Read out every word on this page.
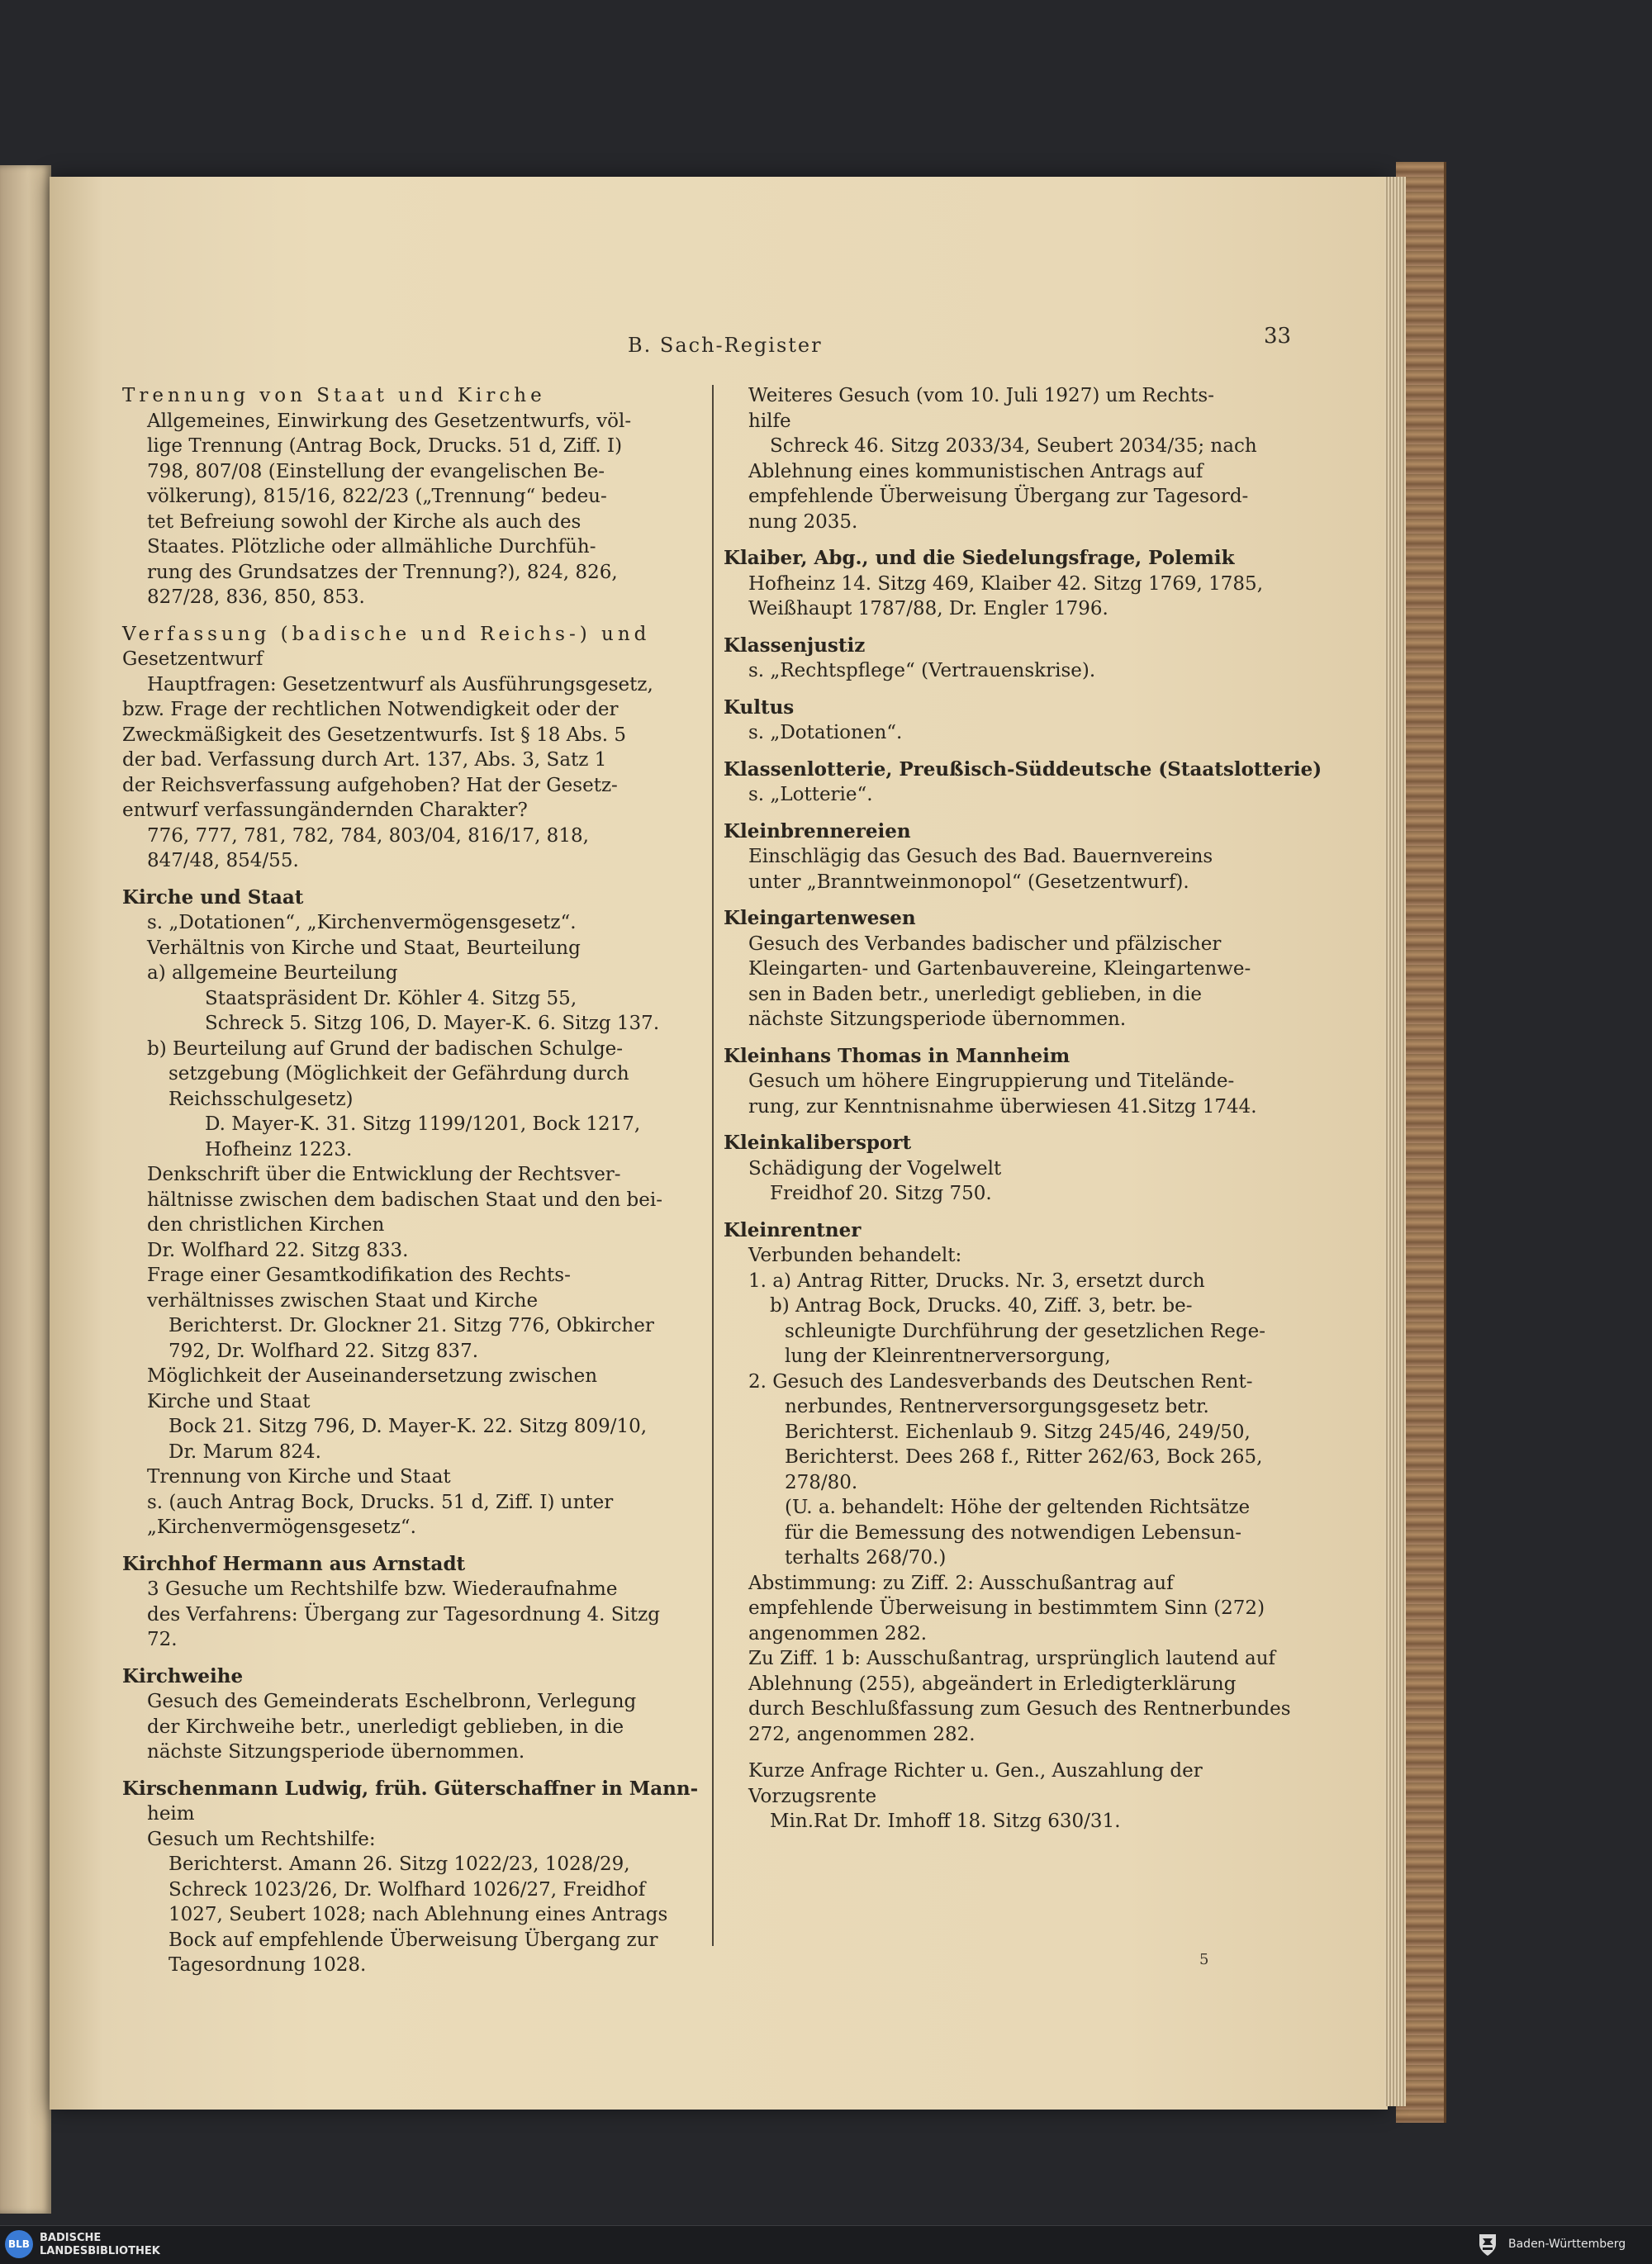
B. Sach-Register	33
Trennung von Staat und Kirche
Allgemeines, Einwirkung des Gesetzentwurfs, völ-
lige Trennung (Antrag Bock, Drucks. 51 d, Ziff. I)
798, 807/08 (Einstellung der evangelischen Be-
völkerung), 815/16, 822/23 („Trennung“ bedeu-
tet Befreiung sowohl der Kirche als auch des
Staates. Plötzliche oder allmähliche Durchfüh-
rung des Grundsatzes der Trennung?), 824, 826,
827/28, 836, 850, 853.
Verfassung (badische und Reichs-) und
Gesetzentwurf
Hauptfragen: Gesetzentwurf als Ausführungsgesetz,
bzw. Frage der rechtlichen Notwendigkeit oder der
Zweckmäßigkeit des Gesetzentwurfs. Ist § 18 Abs. 5
der bad. Verfassung durch Art. 137, Abs. 3, Satz 1
der Reichsverfassung aufgehoben? Hat der Gesetz-
entwurf verfassungändernden Charakter?
776, 777, 781, 782, 784, 803/04, 816/17, 818,
847/48, 854/55.
Kirche und Staat
s. „Dotationen“, „Kirchenvermögensgesetz“.
Verhältnis von Kirche und Staat, Beurteilung
a) allgemeine Beurteilung
Staatspräsident Dr. Köhler 4. Sitzg 55,
Schreck 5. Sitzg 106, D. Mayer-K. 6. Sitzg 137.
b) Beurteilung auf Grund der badischen Schulge-
setzgebung (Möglichkeit der Gefährdung durch
Reichsschulgesetz)
D. Mayer-K. 31. Sitzg 1199/1201, Bock 1217,
Hofheinz 1223.
Denkschrift über die Entwicklung der Rechtsver-
hältnisse zwischen dem badischen Staat und den bei-
den christlichen Kirchen
Dr. Wolfhard 22. Sitzg 833.
Frage einer Gesamtkodifikation des Rechts-
verhältnisses zwischen Staat und Kirche
Berichterst. Dr. Glockner 21. Sitzg 776, Obkircher
792, Dr. Wolfhard 22. Sitzg 837.
Möglichkeit der Auseinandersetzung zwischen
Kirche und Staat
Bock 21. Sitzg 796, D. Mayer-K. 22. Sitzg 809/10,
Dr. Marum 824.
Trennung von Kirche und Staat
s. (auch Antrag Bock, Drucks. 51 d, Ziff. I) unter
„Kirchenvermögensgesetz“.
Kirchhof Hermann aus Arnstadt
3 Gesuche um Rechtshilfe bzw. Wiederaufnahme
des Verfahrens: Übergang zur Tagesordnung 4. Sitzg
72.
Kirchweihe
Gesuch des Gemeinderats Eschelbronn, Verlegung
der Kirchweihe betr., unerledigt geblieben, in die
nächste Sitzungsperiode übernommen.
Kirschenmann Ludwig, früh. Güterschaffner in Mann-
heim
Gesuch um Rechtshilfe:
Berichterst. Amann 26. Sitzg 1022/23, 1028/29,
Schreck 1023/26, Dr. Wolfhard 1026/27, Freidhof
1027, Seubert 1028; nach Ablehnung eines Antrags
Bock auf empfehlende Überweisung Übergang zur
Tagesordnung 1028.
Weiteres Gesuch (vom 10. Juli 1927) um Rechts-
hilfe
Schreck 46. Sitzg 2033/34, Seubert 2034/35; nach
Ablehnung eines kommunistischen Antrags auf
empfehlende Überweisung Übergang zur Tagesord-
nung 2035.
Klaiber, Abg., und die Siedelungsfrage, Polemik
Hofheinz 14. Sitzg 469, Klaiber 42. Sitzg 1769, 1785,
Weißhaupt 1787/88, Dr. Engler 1796.
Klassenjustiz
s. „Rechtspflege“ (Vertrauenskrise).
Kultus
s. „Dotationen“.
Klassenlotterie, Preußisch-Süddeutsche (Staatslotterie)
s. „Lotterie“.
Kleinbrennereien
Einschlägig das Gesuch des Bad. Bauernvereins
unter „Branntweinmonopol“ (Gesetzentwurf).
Kleingartenwesen
Gesuch des Verbandes badischer und pfälzischer
Kleingarten- und Gartenbauvereine, Kleingartenwe-
sen in Baden betr., unerledigt geblieben, in die
nächste Sitzungsperiode übernommen.
Kleinhans Thomas in Mannheim
Gesuch um höhere Eingruppierung und Titelände-
rung, zur Kenntnisnahme überwiesen 41.Sitzg 1744.
Kleinkalibersport
Schädigung der Vogelwelt
Freidhof 20. Sitzg 750.
Kleinrentner
Verbunden behandelt:
1. a) Antrag Ritter, Drucks. Nr. 3, ersetzt durch
b) Antrag Bock, Drucks. 40, Ziff. 3, betr. be-
schleunigte Durchführung der gesetzlichen Rege-
lung der Kleinrentnerversorgung,
2. Gesuch des Landesverbands des Deutschen Rent-
nerbundes, Rentnerversorgungsgesetz betr.
Berichterst. Eichenlaub 9. Sitzg 245/46, 249/50,
Berichterst. Dees 268 f., Ritter 262/63, Bock 265,
278/80.
(U. a. behandelt: Höhe der geltenden Richtsätze
für die Bemessung des notwendigen Lebensun-
terhalts 268/70.)
Abstimmung: zu Ziff. 2: Ausschußantrag auf
empfehlende Überweisung in bestimmtem Sinn (272)
angenommen 282.
Zu Ziff. 1 b: Ausschußantrag, ursprünglich lautend auf
Ablehnung (255), abgeändert in Erledigterklärung
durch Beschlußfassung zum Gesuch des Rentnerbundes
272, angenommen 282.
Kurze Anfrage Richter u. Gen., Auszahlung der
Vorzugsrente
Min.Rat Dr. Imhoff 18. Sitzg 630/31.
5
BLB BADISCHE
LANDESBIBLIOTHEK
Baden-Württemberg
